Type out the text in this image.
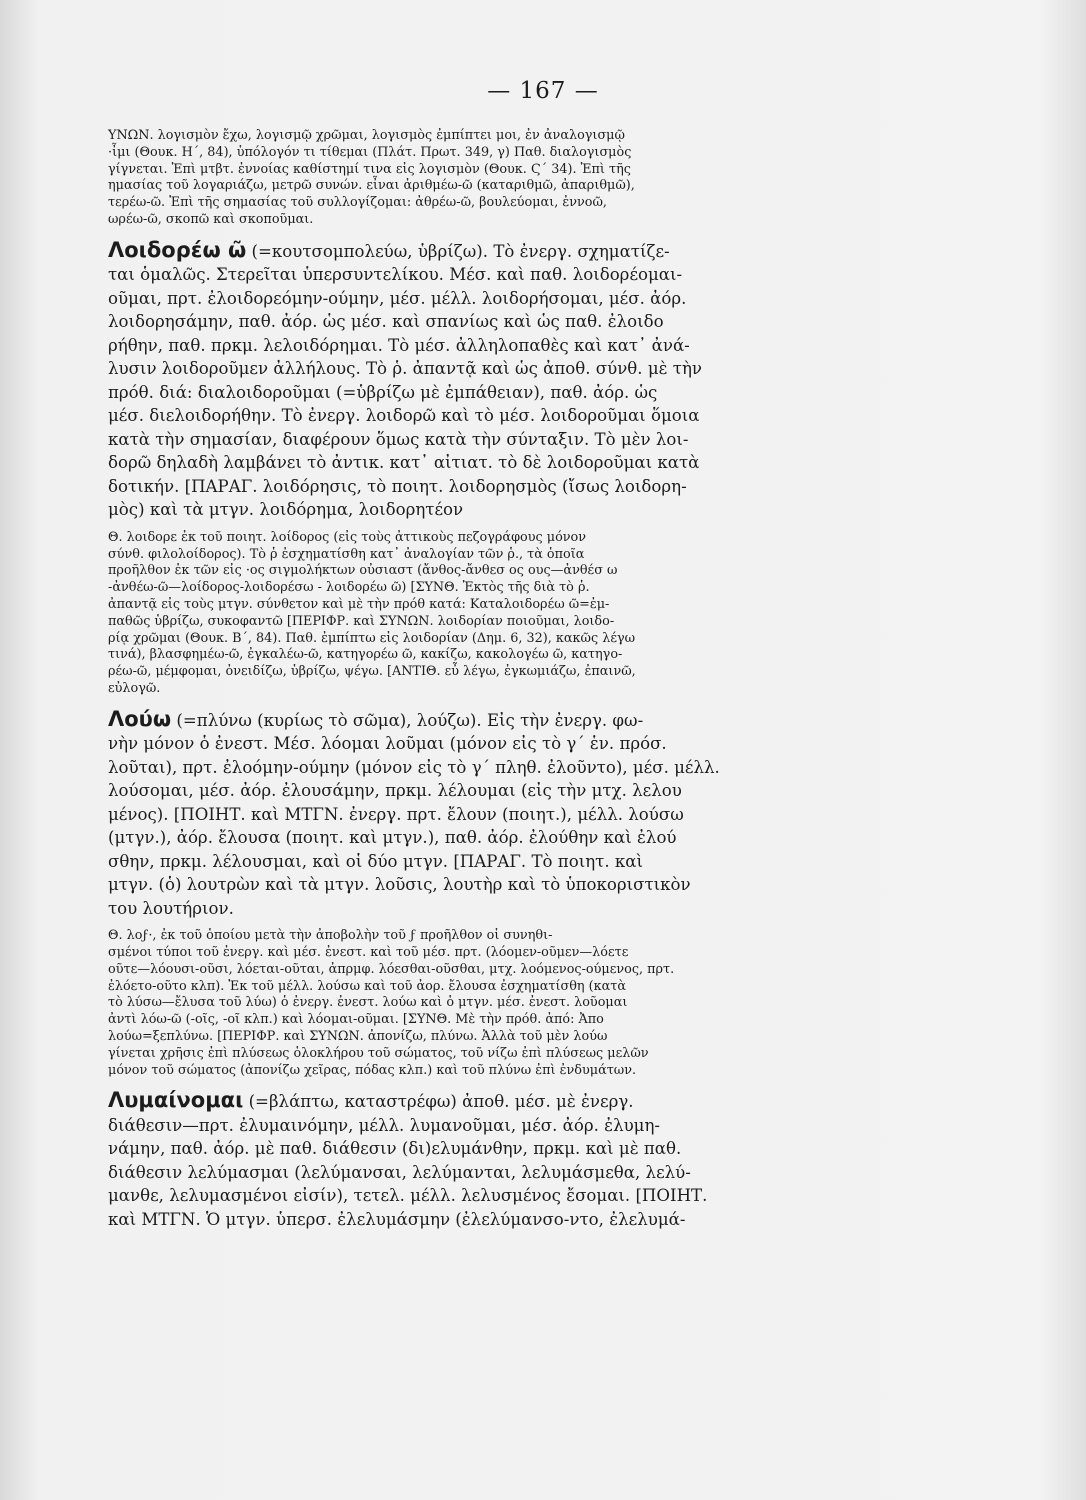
— 167 —

ΥΝΩΝ. λογισμὸν ἔχω, λογισμῷ χρῶμαι, λογισμὸς ἐμπίπτει μοι, ἐν ἀναλογισμῷ

·ἶμι (Θουκ. Η΄, 84), ὑπόλογόν τι τίθεμαι (Πλάτ. Πρωτ. 349, γ) Παθ. διαλογισμὸς

γίγνεται. Ἐπὶ μτβτ. ἐννοίας καθίστημί τινα εἰς λογισμὸν (Θουκ. Ϛ΄ 34). Ἐπὶ τῆς

ημασίας τοῦ λογαριάζω, μετρῶ συνών. εἶναι ἀριθμέω-ῶ (καταριθμῶ, ἀπαριθμῶ),

τερέω-ῶ. Ἐπὶ τῆς σημασίας τοῦ συλλογίζομαι: ἀθρέω-ῶ, βουλεύομαι, ἐννοῶ,

ωρέω-ῶ, σκοπῶ καὶ σκοποῦμαι.

Λοιδορέω ῶ (=κουτσομπολεύω, ὑβρίζω). Τὸ ἐνεργ. σχηματίζε-

ται ὁμαλῶς. Στερεῖται ὑπερσυντελίκου. Μέσ. καὶ παθ. λοιδορέομαι-

οῦμαι, πρτ. ἐλοιδορεόμην-ούμην, μέσ. μέλλ. λοιδορήσομαι, μέσ. ἀόρ.

λοιδορησάμην, παθ. ἀόρ. ὡς μέσ. καὶ σπανίως καὶ ὡς παθ. ἐλοιδο

ρήθην, παθ. πρκμ. λελοιδόρημαι. Τὸ μέσ. ἀλληλοπαθὲς καὶ κατ᾽ ἀνά-

λυσιν λοιδοροῦμεν ἀλλήλους. Τὸ ῥ. ἀπαντᾷ καὶ ὡς ἀποθ. σύνθ. μὲ τὴν

πρόθ. διά: διαλοιδοροῦμαι (=ὑβρίζω μὲ ἐμπάθειαν), παθ. ἀόρ. ὡς

μέσ. διελοιδορήθην. Τὸ ἐνεργ. λοιδορῶ καὶ τὸ μέσ. λοιδοροῦμαι ὅμοια

κατὰ τὴν σημασίαν, διαφέρουν ὅμως κατὰ τὴν σύνταξιν. Τὸ μὲν λοι-

δορῶ δηλαδὴ λαμβάνει τὸ ἀντικ. κατ᾽ αἰτιατ. τὸ δὲ λοιδοροῦμαι κατὰ

δοτικήν. [ΠΑΡΑΓ. λοιδόρησις, τὸ ποιητ. λοιδορησμὸς (ἴσως λοιδορη-

μὸς) καὶ τὰ μτγν. λοιδόρημα, λοιδορητέον

Θ. λοιδορε ἐκ τοῦ ποιητ. λοίδορος (εἰς τοὺς ἀττικοὺς πεζογράφους μόνον

σύνθ. φιλολοίδορος). Τὸ ῥ ἐσχηματίσθη κατ᾽ ἀναλογίαν τῶν ῥ., τὰ ὁποῖα

προῆλθον ἐκ τῶν εἰς ·ος σιγμολήκτων οὐσιαστ (ἄνθος-ἄνθεσ ος ους—ἀνθέσ ω

-ἀνθέω-ῶ—λοίδορος-λοιδορέσω - λοιδορέω ῶ) [ΣΥΝΘ. Ἐκτὸς τῆς διὰ τὸ ῥ.

ἀπαντᾷ εἰς τοὺς μτγν. σύνθετον καὶ μὲ τὴν πρόθ κατά: Καταλοιδορέω ῶ=ἐμ-

παθῶς ὑβρίζω, συκοφαντῶ [ΠΕΡΙΦΡ. καὶ ΣΥΝΩΝ. λοιδορίαν ποιοῦμαι, λοιδο-

ρίᾳ χρῶμαι (Θουκ. Β΄, 84). Παθ. ἐμπίπτω εἰς λοιδορίαν (Δημ. 6, 32), κακῶς λέγω

τινά), βλασφημέω-ῶ, ἐγκαλέω-ῶ, κατηγορέω ῶ, κακίζω, κακολογέω ῶ, κατηγο-

ρέω-ῶ, μέμφομαι, ὀνειδίζω, ὑβρίζω, ψέγω. [ΑΝΤΙΘ. εὖ λέγω, ἐγκωμιάζω, ἐπαινῶ,

εὐλογῶ.

Λούω (=πλύνω (κυρίως τὸ σῶμα), λούζω). Εἰς τὴν ἐνεργ. φω-

νὴν μόνον ὁ ἐνεστ. Μέσ. λόομαι λοῦμαι (μόνον εἰς τὸ γ΄ ἑν. πρόσ.

λοῦται), πρτ. ἐλοόμην-ούμην (μόνον εἰς τὸ γ΄ πληθ. ἐλοῦντο), μέσ. μέλλ.

λούσομαι, μέσ. ἀόρ. ἐλουσάμην, πρκμ. λέλουμαι (εἰς τὴν μτχ. λελου

μένος). [ΠΟΙΗΤ. καὶ ΜΤΓΝ. ἐνεργ. πρτ. ἔλουν (ποιητ.), μέλλ. λούσω

(μτγν.), ἀόρ. ἔλουσα (ποιητ. καὶ μτγν.), παθ. ἀόρ. ἐλούθην καὶ ἐλού

σθην, πρκμ. λέλουσμαι, καὶ οἱ δύο μτγν. [ΠΑΡΑΓ. Τὸ ποιητ. καὶ

μτγν. (ὁ) λουτρὼν καὶ τὰ μτγν. λοῦσις, λουτὴρ καὶ τὸ ὑποκοριστικὸν

του λουτήριον.

Θ. λοϝ·, ἐκ τοῦ ὁποίου μετὰ τὴν ἀποβολὴν τοῦ ϝ προῆλθον οἱ συνηθι-

σμένοι τύποι τοῦ ἐνεργ. καὶ μέσ. ἐνεστ. καὶ τοῦ μέσ. πρτ. (λόομεν-οῦμεν—λόετε

οῦτε—λόουσι-οῦσι, λόεται-οῦται, ἀπρμφ. λόεσθαι-οῦσθαι, μτχ. λοόμενος-ούμενος, πρτ.

ἐλόετο-οῦτο κλπ). Ἐκ τοῦ μέλλ. λούσω καὶ τοῦ ἀορ. ἔλουσα ἐσχηματίσθη (κατὰ

τὸ λύσω—ἔλυσα τοῦ λύω) ὁ ἐνεργ. ἐνεστ. λούω καὶ ὁ μτγν. μέσ. ἐνεστ. λοῦομαι

ἀντὶ λόω-ῶ (-οῖς, -οῖ κλπ.) καὶ λόομαι-οῦμαι. [ΣΥΝΘ. Μὲ τὴν πρόθ. ἀπό: Ἀπο

λούω=ξεπλύνω. [ΠΕΡΙΦΡ. καὶ ΣΥΝΩΝ. ἀπονίζω, πλύνω. Ἀλλὰ τοῦ μὲν λούω

γίνεται χρῆσις ἐπὶ πλύσεως ὁλοκλήρου τοῦ σώματος, τοῦ νίζω ἐπὶ πλύσεως μελῶν

μόνον τοῦ σώματος (ἀπονίζω χεῖρας, πόδας κλπ.) καὶ τοῦ πλύνω ἐπὶ ἐνδυμάτων.

Λυμαίνομαι (=βλάπτω, καταστρέφω) ἀποθ. μέσ. μὲ ἐνεργ.

διάθεσιν—πρτ. ἐλυμαινόμην, μέλλ. λυμανοῦμαι, μέσ. ἀόρ. ἐλυμη-

νάμην, παθ. ἀόρ. μὲ παθ. διάθεσιν (δι)ελυμάνθην, πρκμ. καὶ μὲ παθ.

διάθεσιν λελύμασμαι (λελύμανσαι, λελύμανται, λελυμάσμεθα, λελύ-

μανθε, λελυμασμένοι εἰσίν), τετελ. μέλλ. λελυσμένος ἔσομαι. [ΠΟΙΗΤ.

καὶ ΜΤΓΝ. Ὁ μτγν. ὑπερσ. ἐλελυμάσμην (ἐλελύμανσο-ντο, ἐλελυμά-
